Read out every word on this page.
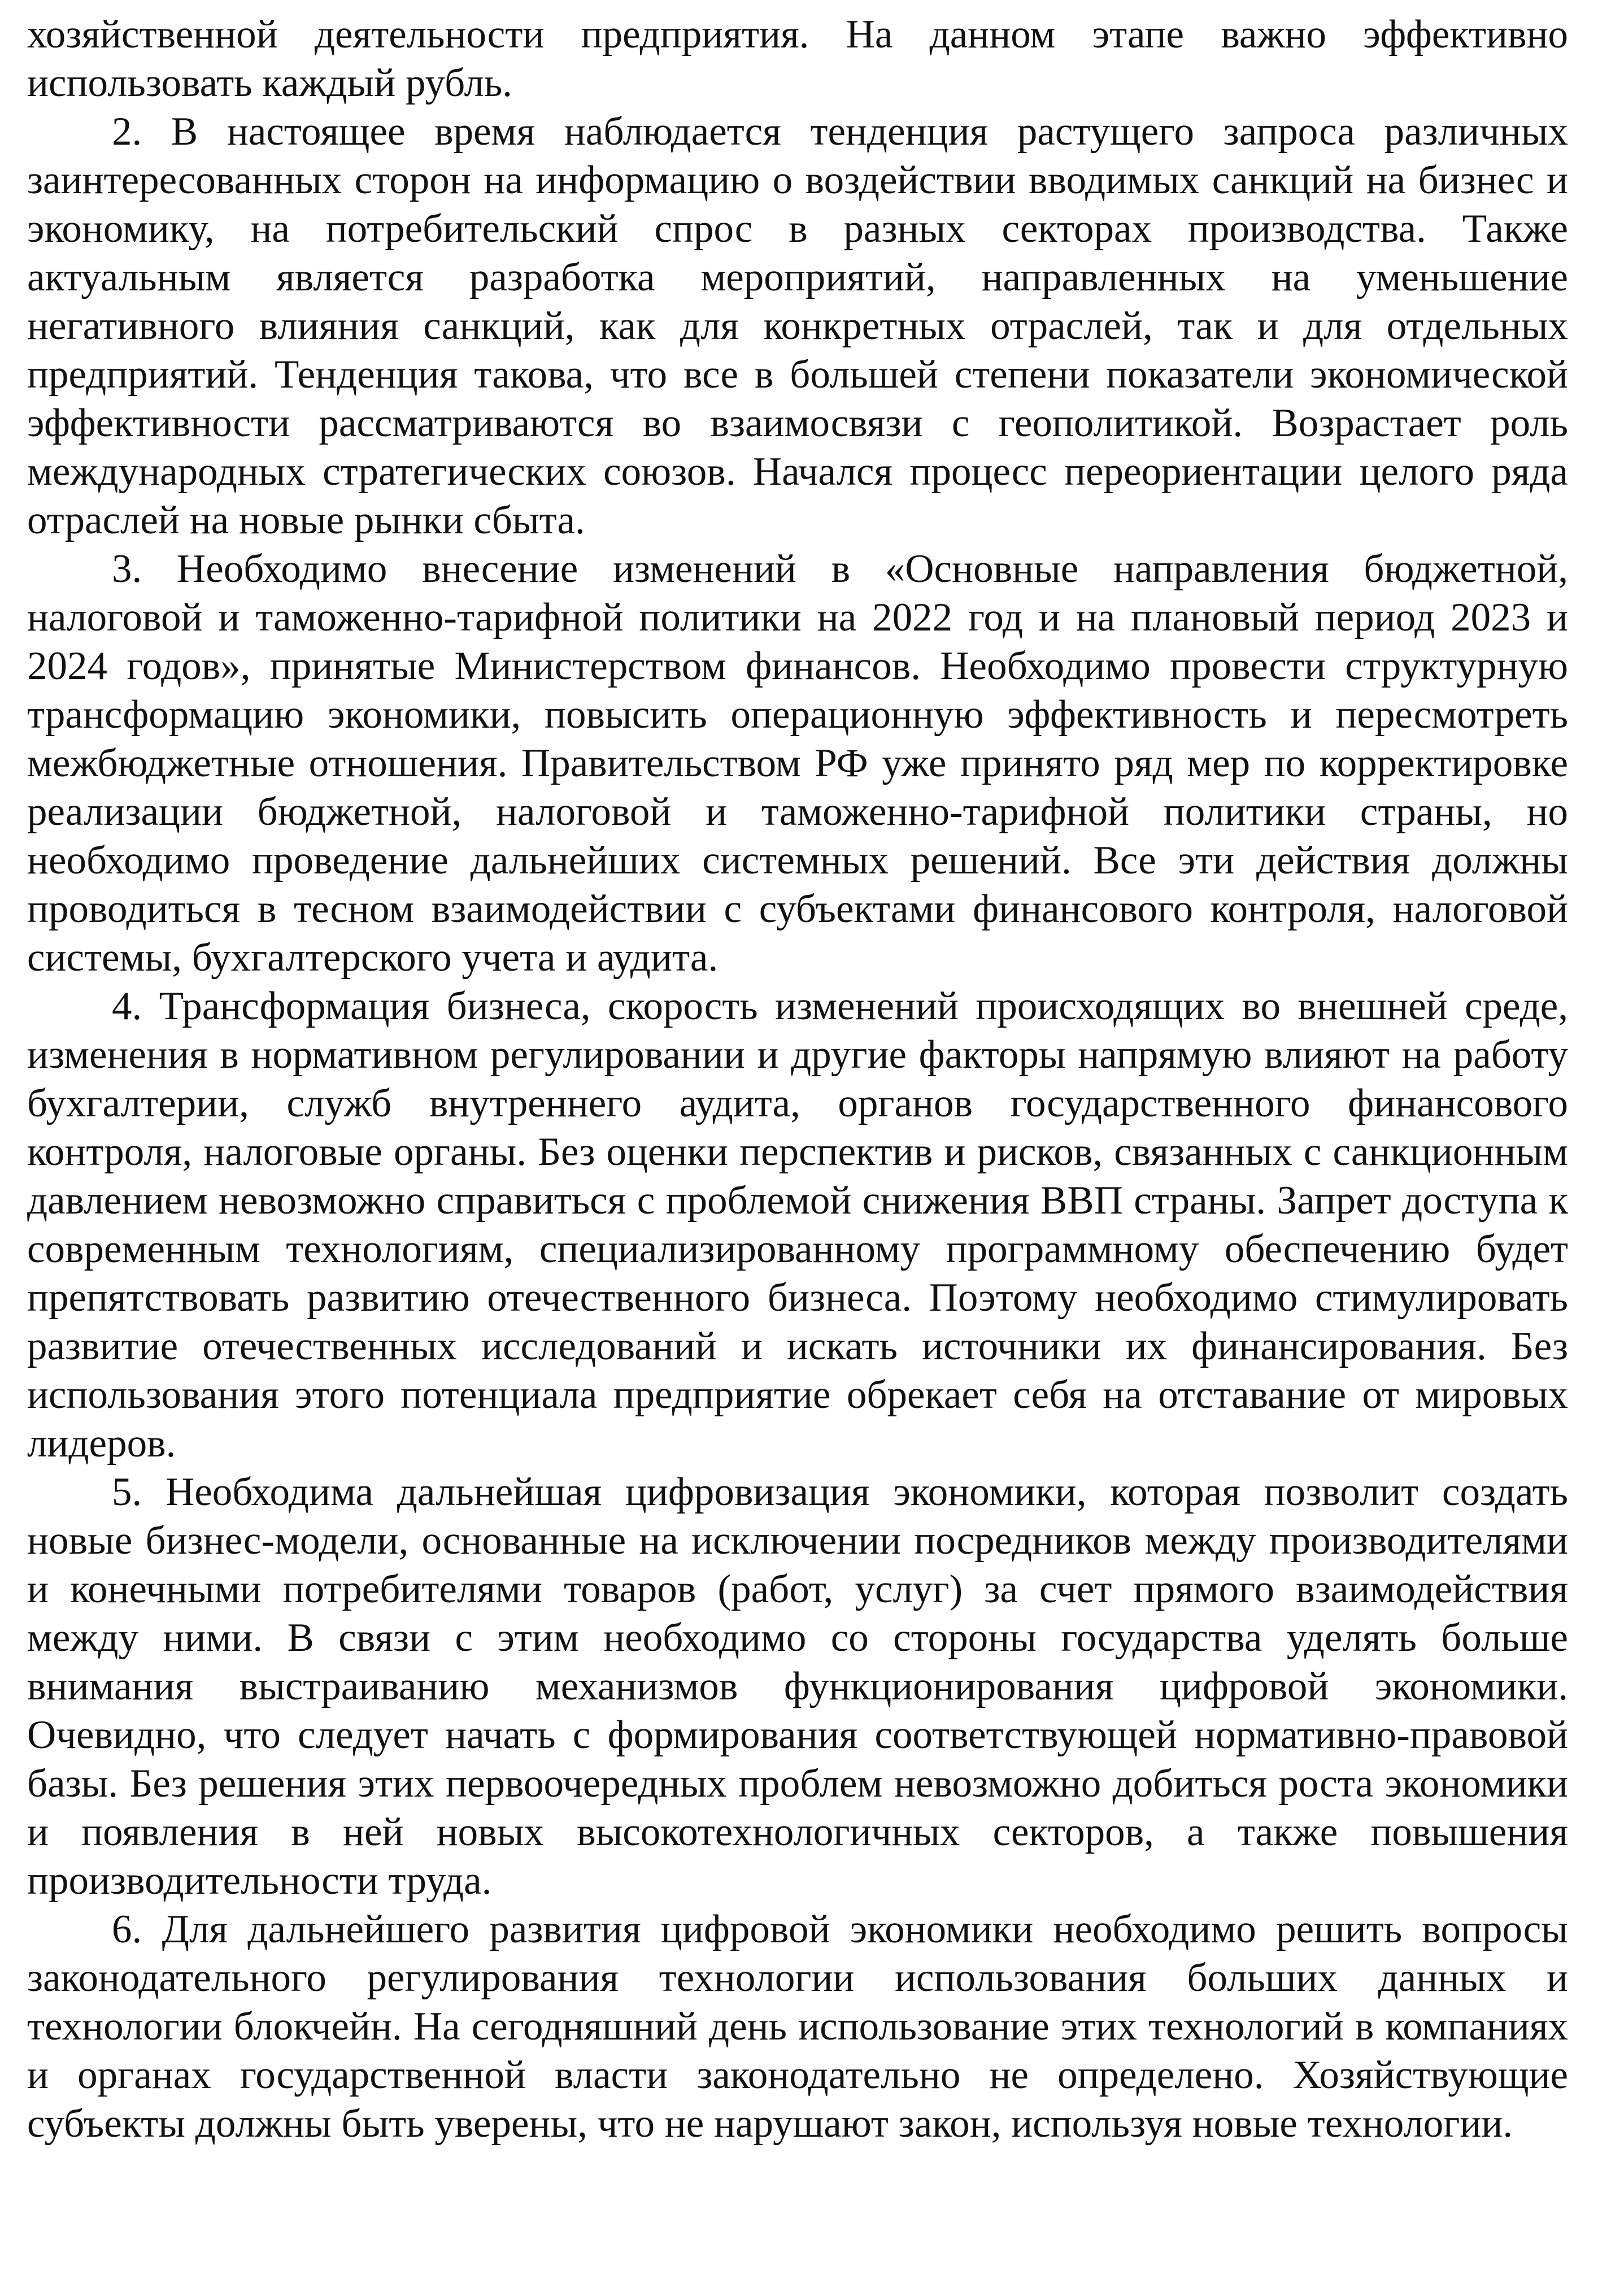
хозяйственной деятельности предприятия. На данном этапе важно эффективно использовать каждый рубль.

2. В настоящее время наблюдается тенденция растущего запроса различных заинтересованных сторон на информацию о воздействии вводимых санкций на бизнес и экономику, на потребительский спрос в разных секторах производства. Также актуальным является разработка мероприятий, направленных на уменьшение негативного влияния санкций, как для конкретных отраслей, так и для отдельных предприятий. Тенденция такова, что все в большей степени показатели экономической эффективности рассматриваются во взаимосвязи с геополитикой. Возрастает роль международных стратегических союзов. Начался процесс переориентации целого ряда отраслей на новые рынки сбыта.

3. Необходимо внесение изменений в «Основные направления бюджетной, налоговой и таможенно-тарифной политики на 2022 год и на плановый период 2023 и 2024 годов», принятые Министерством финансов. Необходимо провести структурную трансформацию экономики, повысить операционную эффективность и пересмотреть межбюджетные отношения. Правительством РФ уже принято ряд мер по корректировке реализации бюджетной, налоговой и таможенно-тарифной политики страны, но необходимо проведение дальнейших системных решений. Все эти действия должны проводиться в тесном взаимодействии с субъектами финансового контроля, налоговой системы, бухгалтерского учета и аудита.

4. Трансформация бизнеса, скорость изменений происходящих во внешней среде, изменения в нормативном регулировании и другие факторы напрямую влияют на работу бухгалтерии, служб внутреннего аудита, органов государственного финансового контроля, налоговые органы. Без оценки перспектив и рисков, связанных с санкционным давлением невозможно справиться с проблемой снижения ВВП страны. Запрет доступа к современным технологиям, специализированному программному обеспечению будет препятствовать развитию отечественного бизнеса. Поэтому необходимо стимулировать развитие отечественных исследований и искать источники их финансирования. Без использования этого потенциала предприятие обрекает себя на отставание от мировых лидеров.

5. Необходима дальнейшая цифровизация экономики, которая позволит создать новые бизнес-модели, основанные на исключении посредников между производителями и конечными потребителями товаров (работ, услуг) за счет прямого взаимодействия между ними. В связи с этим необходимо со стороны государства уделять больше внимания выстраиванию механизмов функционирования цифровой экономики. Очевидно, что следует начать с формирования соответствующей нормативно-правовой базы. Без решения этих первоочередных проблем невозможно добиться роста экономики и появления в ней новых высокотехнологичных секторов, а также повышения производительности труда.

6. Для дальнейшего развития цифровой экономики необходимо решить вопросы законодательного регулирования технологии использования больших данных и технологии блокчейн. На сегодняшний день использование этих технологий в компаниях и органах государственной власти законодательно не определено. Хозяйствующие субъекты должны быть уверены, что не нарушают закон, используя новые технологии.
